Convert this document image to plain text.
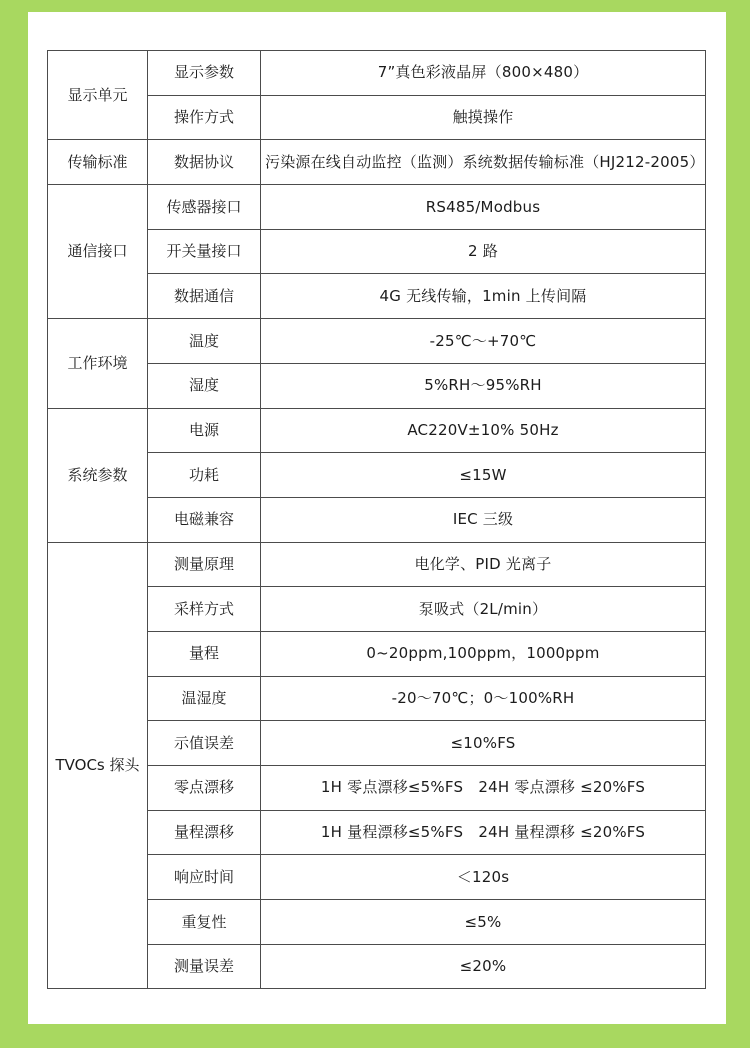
显示单元	显示参数	7”真色彩液晶屏（800×480）
	操作方式	触摸操作
传输标准	数据协议	污染源在线自动监控（监测）系统数据传输标准（HJ212-2005）
通信接口	传感器接口	RS485/Modbus
	开关量接口	2 路
	数据通信	4G 无线传输，1min 上传间隔
工作环境	温度	-25℃～+70℃
	湿度	5%RH～95%RH
系统参数	电源	AC220V±10% 50Hz
	功耗	≤15W
	电磁兼容	IEC 三级
TVOCs 探头	测量原理	电化学、PID 光离子
	采样方式	泵吸式（2L/min）
	量程	0~20ppm,100ppm，1000ppm
	温湿度	-20～70℃；0～100%RH
	示值误差	≤10%FS
	零点漂移	1H 零点漂移≤5%FS　24H 零点漂移 ≤20%FS
	量程漂移	1H 量程漂移≤5%FS　24H 量程漂移 ≤20%FS
	响应时间	＜120s
	重复性	≤5%
	测量误差	≤20%
